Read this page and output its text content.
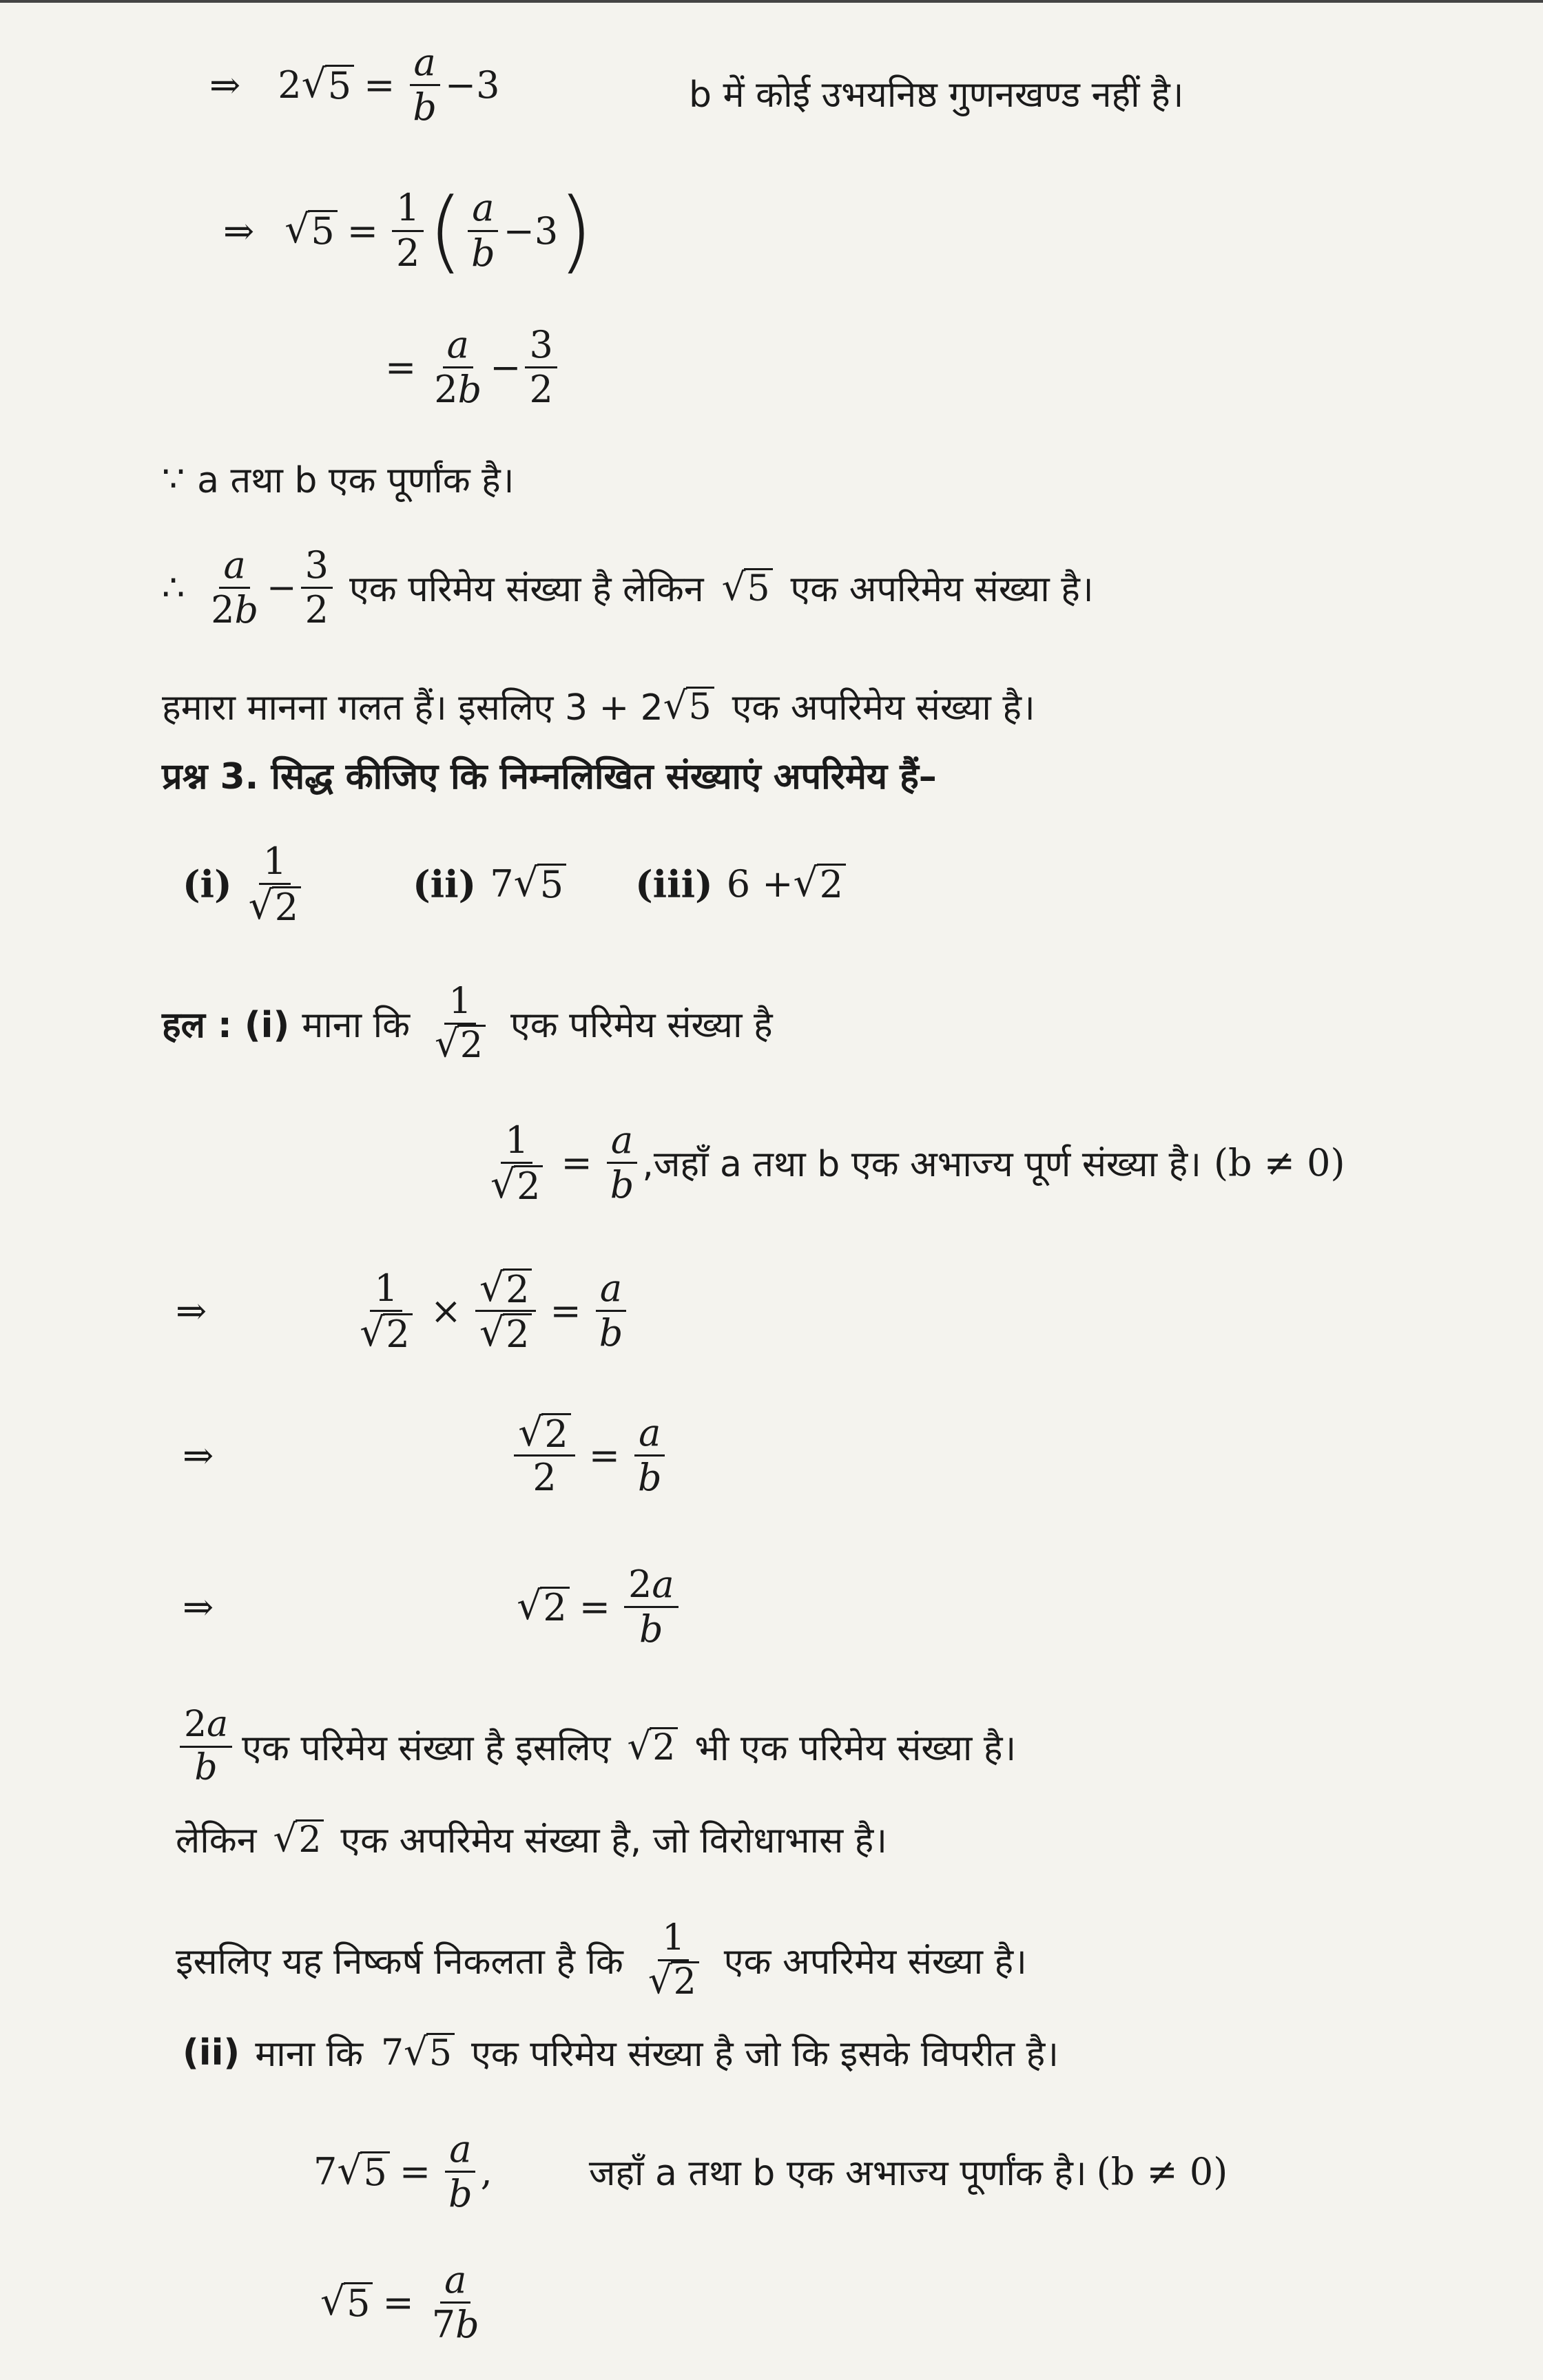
⇒ 2 √ $5 = \frac{a}{b} -3$	b में कोई उभयनिष्ठ गुणनखण्ड नहीं है।
⇒ √ $5 = \frac{1}{2}$ ( $\frac{a}{b} -3$ )
= $\frac{a}{2b} - \frac{3}{2}$
∵ a तथा b एक पूर्णांक है।
∴ $\frac{a}{2b} - \frac{3}{2}$ एक परिमेय संख्या है लेकिन √ 5 एक अपरिमेय संख्या है।
हमारा मानना गलत हैं। इसलिए 3 + 2 √ 5 एक अपरिमेय संख्या है।
प्रश्न 3. सिद्ध कीजिए कि निम्नलिखित संख्याएं अपरिमेय हैं–
$(i) \frac{1}{√ 2}$	(ii) 7 √ 5 (iii) 6 + √ 2
हल : (i) माना कि $\frac{1}{√ 2}$ एक परिमेय संख्या है
$\frac{1}{√ 2} = \frac{a}{b}$ ,जहाँ a तथा b एक अभाज्य पूर्ण संख्या है। (b ≠ 0)
⇒	$\frac{1}{√ 2} \times \frac{√ 2}{√ 2} = \frac{a}{b}$
⇒	$\frac{√ 2}{2} = \frac{a}{b}$
⇒	√ $2 = \frac{2a}{b}$
$\frac{2a}{b}$ एक परिमेय संख्या है इसलिए √ 2 भी एक परिमेय संख्या है।
लेकिन √ 2 एक अपरिमेय संख्या है, जो विरोधाभास है।
इसलिए यह निष्कर्ष निकलता है कि $\frac{1}{√ 2}$ एक अपरिमेय संख्या है।
(ii) माना कि 7 √ 5 एक परिमेय संख्या है जो कि इसके विपरीत है।
7 √ $5 = \frac{a}{b}$ ,	जहाँ a तथा b एक अभाज्य पूर्णांक है। (b ≠ 0)
√ $5 = \frac{a}{7b}$
